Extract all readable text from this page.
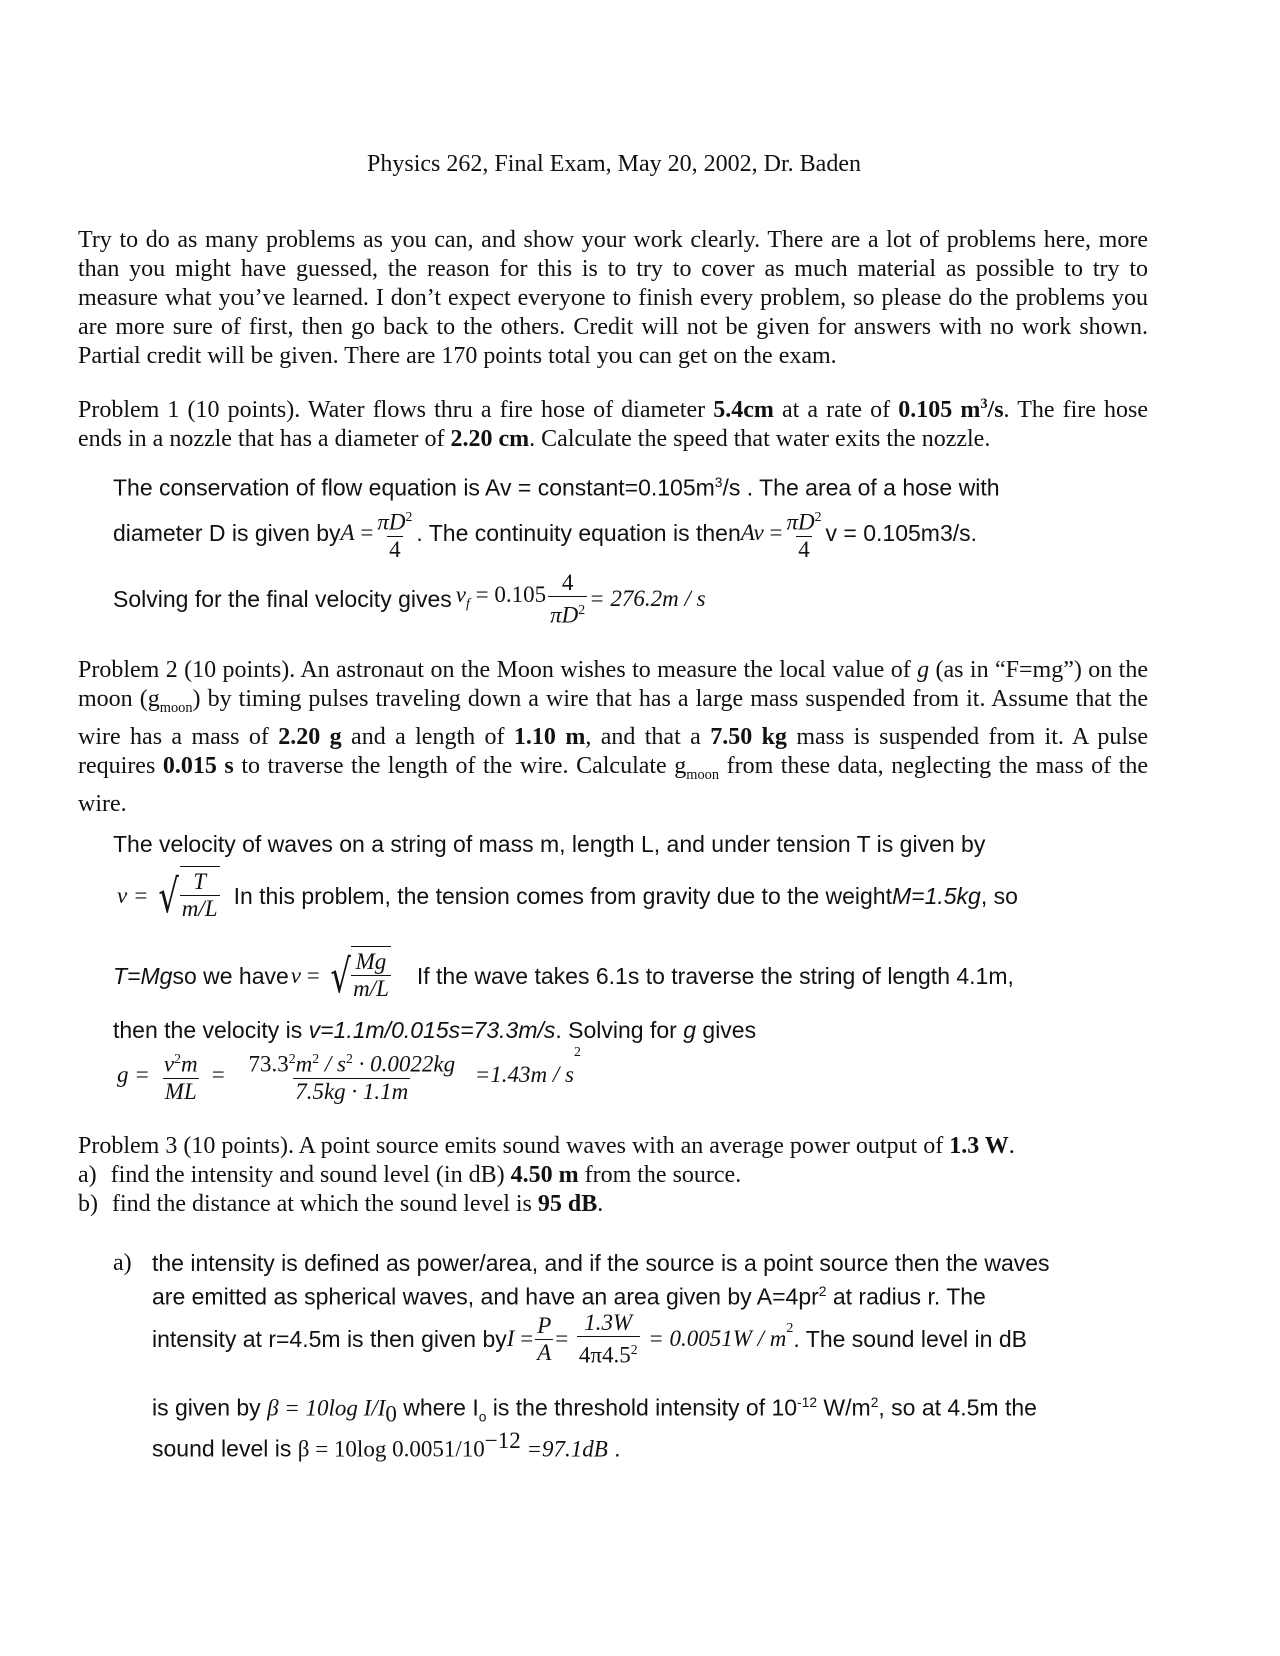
Physics 262, Final Exam, May 20, 2002, Dr. Baden

Try to do as many problems as you can, and show your work clearly. There are a lot of problems here, more than you might have guessed, the reason for this is to try to cover as much material as possible to try to measure what you’ve learned. I don’t expect everyone to finish every problem, so please do the problems you are more sure of first, then go back to the others. Credit will not be given for answers with no work shown. Partial credit will be given. There are 170 points total you can get on the exam.

Problem 1 (10 points). Water flows thru a fire hose of diameter 5.4cm at a rate of 0.105 $m^3/s$. The fire hose ends in a nozzle that has a diameter of 2.20 cm. Calculate the speed that water exits the nozzle.

The conservation of flow equation is $Av = constant=0.105m^3/s$ . The area of a hose with
diameter D is given by $A = \frac{\pi D^2}{4}$ . The continuity equation is then $Av = \frac{\pi D^2}{4}$ v = 0.105m3/s.
Solving for the final velocity gives $v_f = 0.105 \frac{4}{\pi D^2} = 276.2m / s$

Problem 2 (10 points). An astronaut on the Moon wishes to measure the local value of g (as in “F=mg”) on the moon $(g_{moon})$ by timing pulses traveling down a wire that has a large mass suspended from it. Assume that the wire has a mass of 2.20 g and a length of 1.10 m, and that a 7.50 kg mass is suspended from it. A pulse requires 0.015 s to traverse the length of the wire. Calculate $g_{moon}$ from these data, neglecting the mass of the wire.

The velocity of waves on a string of mass m, length L, and under tension T is given by
v = √ $\frac{T}{m/L}$ In this problem, the tension comes from gravity due to the weight M=1.5kg , so
T=Mg so we have v = √ $\frac{Mg}{m/L}$ If the wave takes 6.1s to traverse the string of length 4.1m,
then the velocity is v=1.1m/0.015s=73.3m/s. Solving for g gives
$g = \frac{v^2m}{ML} = \frac{73.3^2m^2 / s^2 \cdot 0.0022kg}{7.5kg \cdot 1.1m} =1.43m / s$
2
Problem 3 (10 points). A point source emits sound waves with an average power output of 1.3 W.
a) find the intensity and sound level (in dB) 4.50 m from the source.
b) find the distance at which the sound level is 95 dB.
a) the intensity is defined as power/area, and if the source is a point source then the waves
are emitted as spherical waves, and have an area given by $A=4pr^2$ at radius r. The
intensity at r=4.5m is then given by $I = \frac{P}{A} = \frac{1.3W}{4\pi 4.5^2} = 0.0051W / m^2$ . The sound level in dB
is given by β = 10log $I/I_0$ where $I_o$ is the threshold intensity of $10^{-12}$ $W/m^2$, so at 4.5m the
sound level is β = 10log $0.0051/10^{-12} =97.1dB$ .
